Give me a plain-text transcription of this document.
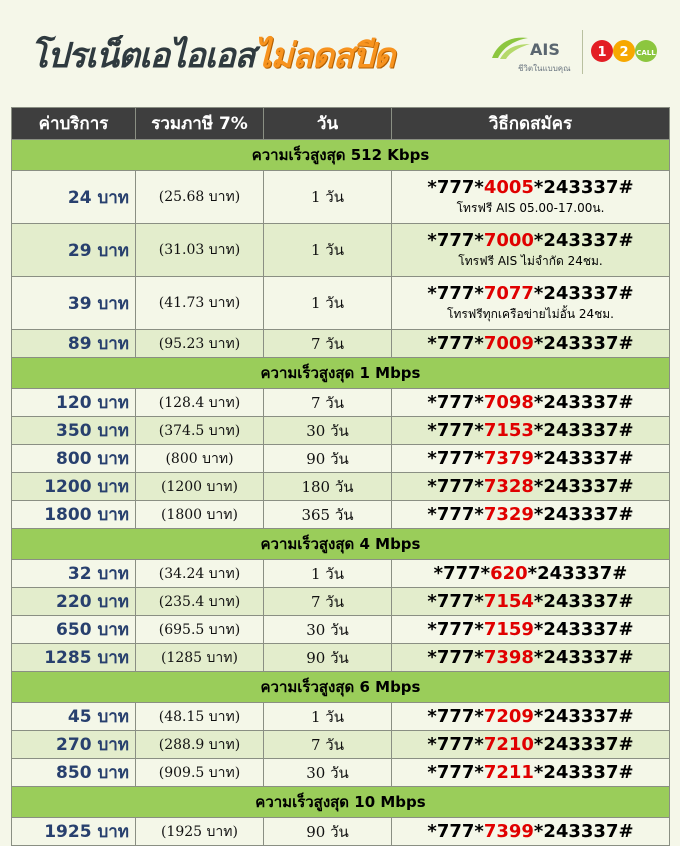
โปรเน็ตเอไอเอสไม่ลดสปีด	AIS
ชีวิตในแบบคุณ
1 2 CALL
ค่าบริการ	รวมภาษี 7%	วัน	วิธีกดสมัคร
ความเร็วสูงสุด 512 Kbps			
24 บาท	(25.68 บาท)	1 วัน	*777*4005*243337#
โทรฟรี AIS 05.00-17.00น.

29 บาท	(31.03 บาท)	1 วัน	*777*7000*243337#
โทรฟรี AIS ไม่จำกัด 24ชม.

39 บาท	(41.73 บาท)	1 วัน	*777*7077*243337#
โทรฟรีทุกเครือข่ายไม่อั้น 24ชม.

89 บาท	(95.23 บาท)	7 วัน	*777*7009*243337#
ความเร็วสูงสุด 1 Mbps			
120 บาท	(128.4 บาท)	7 วัน	*777*7098*243337#
350 บาท	(374.5 บาท)	30 วัน	*777*7153*243337#
800 บาท	(800 บาท)	90 วัน	*777*7379*243337#
1200 บาท	(1200 บาท)	180 วัน	*777*7328*243337#
1800 บาท	(1800 บาท)	365 วัน	*777*7329*243337#
ความเร็วสูงสุด 4 Mbps			
32 บาท	(34.24 บาท)	1 วัน	*777*620*243337#
220 บาท	(235.4 บาท)	7 วัน	*777*7154*243337#
650 บาท	(695.5 บาท)	30 วัน	*777*7159*243337#
1285 บาท	(1285 บาท)	90 วัน	*777*7398*243337#
ความเร็วสูงสุด 6 Mbps			
45 บาท	(48.15 บาท)	1 วัน	*777*7209*243337#
270 บาท	(288.9 บาท)	7 วัน	*777*7210*243337#
850 บาท	(909.5 บาท)	30 วัน	*777*7211*243337#
ความเร็วสูงสุด 10 Mbps			
1925 บาท	(1925 บาท)	90 วัน	*777*7399*243337#
